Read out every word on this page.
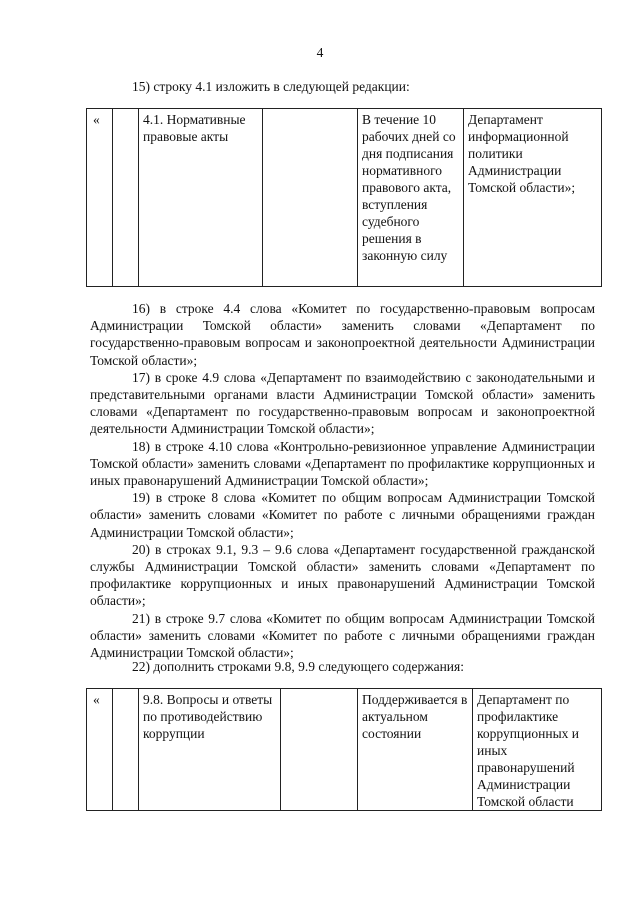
4
15) строку 4.1 изложить в следующей редакции:
«		4.1. Нормативные правовые акты		В течение 10 рабочих дней со дня подписания нормативного правового акта, вступления судебного решения в законную силу	Департамент информационной политики Администрации Томской области»;

16) в строке 4.4 слова «Комитет по государственно-правовым вопросам Администрации Томской области» заменить словами «Департамент по государственно-правовым вопросам и законопроектной деятельности Администрации Томской области»;

17) в сроке 4.9 слова «Департамент по взаимодействию с законодательными и представительными органами власти Администрации Томской области» заменить словами «Департамент по государственно-правовым вопросам и законопроектной деятельности Администрации Томской области»;

18) в строке 4.10 слова «Контрольно-ревизионное управление Администрации Томской области» заменить словами «Департамент по профилактике коррупционных и иных правонарушений Администрации Томской области»;

19) в строке 8 слова «Комитет по общим вопросам Администрации Томской области» заменить словами «Комитет по работе с личными обращениями граждан Администрации Томской области»;

20) в строках 9.1, 9.3 – 9.6 слова «Департамент государственной гражданской службы Администрации Томской области» заменить словами «Департамент по профилактике коррупционных и иных правонарушений Администрации Томской области»;

21) в строке 9.7 слова «Комитет по общим вопросам Администрации Томской области» заменить словами «Комитет по работе с личными обращениями граждан Администрации Томской области»;

22) дополнить строками 9.8, 9.9 следующего содержания:
«		9.8. Вопросы и ответы по противодействию коррупции		Поддерживается в актуальном состоянии	Департамент по профилактике коррупционных и иных правонарушений Администрации Томской области
